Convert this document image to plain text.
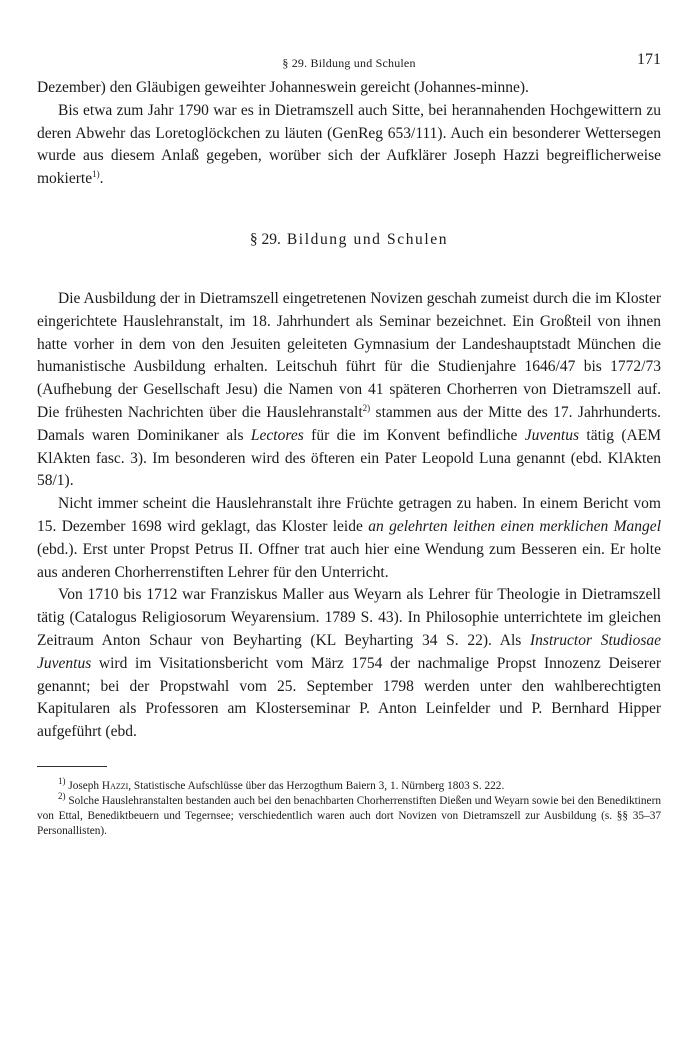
§ 29. Bildung und Schulen	171

Dezember) den Gläubigen geweihter Johanneswein gereicht (Johannes-minne).

Bis etwa zum Jahr 1790 war es in Dietramszell auch Sitte, bei herannahenden Hochgewittern zu deren Abwehr das Loretoglöckchen zu läuten (GenReg 653/111). Auch ein besonderer Wettersegen wurde aus diesem Anlaß gegeben, worüber sich der Aufklärer Joseph Hazzi begreiflicherweise mokierte$^{1)}$.

§ 29. Bildung und Schulen

Die Ausbildung der in Dietramszell eingetretenen Novizen geschah zumeist durch die im Kloster eingerichtete Hauslehranstalt, im 18. Jahrhundert als Seminar bezeichnet. Ein Großteil von ihnen hatte vorher in dem von den Jesuiten geleiteten Gymnasium der Landeshauptstadt München die humanistische Ausbildung erhalten. Leitschuh führt für die Studienjahre 1646/47 bis 1772/73 (Aufhebung der Gesellschaft Jesu) die Namen von 41 späteren Chorherren von Dietramszell auf. Die frühesten Nachrichten über die Hauslehranstalt$^{2)}$ stammen aus der Mitte des 17. Jahrhunderts. Damals waren Dominikaner als Lectores für die im Konvent befindliche Juventus tätig (AEM KlAkten fasc. 3). Im besonderen wird des öfteren ein Pater Leopold Luna genannt (ebd. KlAkten 58/1).

Nicht immer scheint die Hauslehranstalt ihre Früchte getragen zu haben. In einem Bericht vom 15. Dezember 1698 wird geklagt, das Kloster leide an gelehrten leithen einen merklichen Mangel (ebd.). Erst unter Propst Petrus II. Offner trat auch hier eine Wendung zum Besseren ein. Er holte aus anderen Chorherrenstiften Lehrer für den Unterricht.

Von 1710 bis 1712 war Franziskus Maller aus Weyarn als Lehrer für Theologie in Dietramszell tätig (Catalogus Religiosorum Weyarensium. 1789 S. 43). In Philosophie unterrichtete im gleichen Zeitraum Anton Schaur von Beyharting (KL Beyharting 34 S. 22). Als Instructor Studiosae Juventus wird im Visitationsbericht vom März 1754 der nachmalige Propst Innozenz Deiserer genannt; bei der Propstwahl vom 25. September 1798 werden unter den wahlberechtigten Kapitularen als Professoren am Klosterseminar P. Anton Leinfelder und P. Bernhard Hipper aufgeführt (ebd.

$^{1)}$ Joseph Hazzi, Statistische Aufschlüsse über das Herzogthum Baiern 3, 1. Nürnberg 1803 S. 222.

$^{2)}$ Solche Hauslehranstalten bestanden auch bei den benachbarten Chorherrenstiften Dießen und Weyarn sowie bei den Benediktinern von Ettal, Benediktbeuern und Tegernsee; verschiedentlich waren auch dort Novizen von Dietramszell zur Ausbildung (s. §§ 35–37 Personallisten).
